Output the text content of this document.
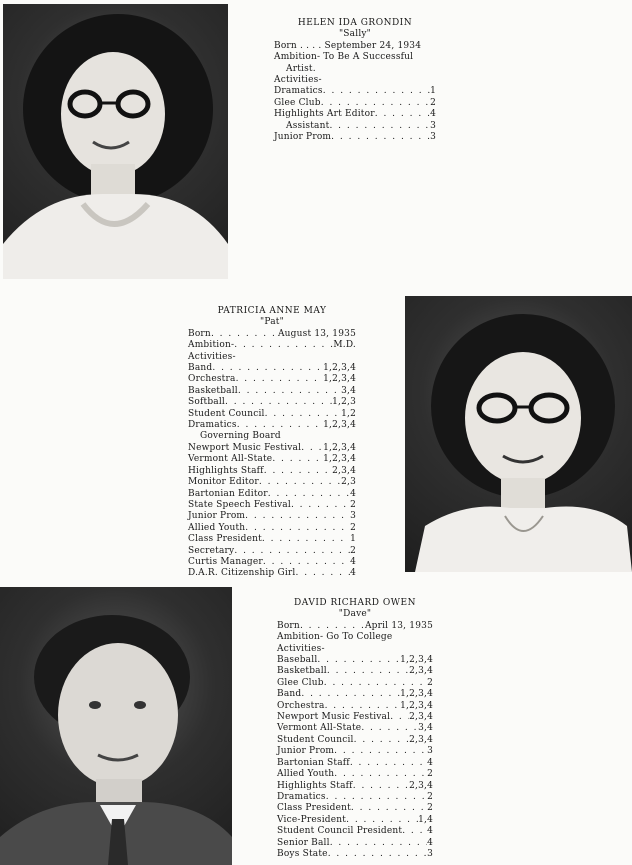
HELEN IDA GRONDIN
"Sally"
Born . . . . September 24, 1934
Ambition- To Be A Successful
Artist.
Activities-
Dramatics . . .	1
Glee Club . . .	2
Highlights Art Editor . . .	4
Assistant . . .	3
Junior Prom . . .	3
PATRICIA ANNE MAY
"Pat"
Born . . .	August 13, 1935
Ambition- . . .	M.D.
Activities-
Band . . .	1,2,3,4
Orchestra . . .	1,2,3,4
Basketball . . .	3,4
Softball . . .	1,2,3
Student Council . . .	1,2
Dramatics . . .	1,2,3,4
Governing Board
Newport Music Festival . . . 1,2,3,4
Vermont All-State . . .	1,2,3,4
Highlights Staff . . .	2,3,4
Monitor Editor . . .	2,3
Bartonian Editor . . .	4
State Speech Festival . . .	2
Junior Prom . . .	3
Allied Youth . . .	2
Class President . . .	1
Secretary . . .	2
Curtis Manager . . .	4
D.A.R. Citizenship Girl . . .	4
DAVID RICHARD OWEN
"Dave"
Born . . .	April 13, 1935
Ambition- Go To College
Activities-
Baseball . . .	1,2,3,4
Basketball . . .	2,3,4
Glee Club . . .	2
Band . . .	1,2,3,4
Orchestra . . .	1,2,3,4
Newport Music Festival . . . 2,3,4
Vermont All-State . . .	3,4
Student Council . . .	2,3,4
Junior Prom . . .	3
Bartonian Staff . . .	4
Allied Youth . . .	2
Highlights Staff . . .	2,3,4
Dramatics . . .	2
Class President . . .	2
Vice-President . . .	1,4
Student Council President . . .	4
Senior Ball . . .	4
Boys State . . .	3
